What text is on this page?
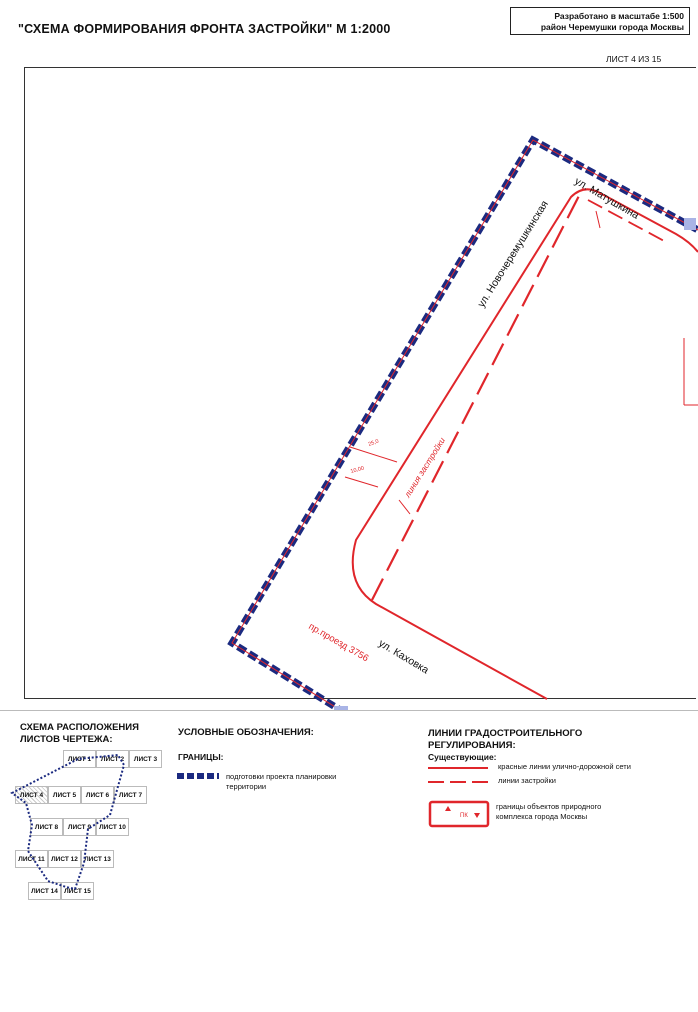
"СХЕМА ФОРМИРОВАНИЯ ФРОНТА ЗАСТРОЙКИ" М 1:2000
Разработано в масштабе 1:500
район Черемушки города Москвы
ЛИСТ 4 ИЗ 15
25,0
10,00
ул. Новочеремушкинская
ул. Матушкина
ул. Каховка
пр.проезд 3756
линия застройки
СХЕМА РАСПОЛОЖЕНИЯ
ЛИСТОВ ЧЕРТЕЖА:
ЛИСТ 1	ЛИСТ 2	ЛИСТ 3
ЛИСТ 4	ЛИСТ 5	ЛИСТ 6	ЛИСТ 7
ЛИСТ 8	ЛИСТ 9	ЛИСТ 10
ЛИСТ 11 ЛИСТ 12 ЛИСТ 13
ЛИСТ 14 ЛИСТ 15
УСЛОВНЫЕ ОБОЗНАЧЕНИЯ:
ГРАНИЦЫ:
подготовки проекта планировки территории
ЛИНИИ ГРАДОСТРОИТЕЛЬНОГО
РЕГУЛИРОВАНИЯ:
Существующие:
красные линии улично-дорожной сети
линии застройки
ПК
границы объектов природного комплекса города Москвы
